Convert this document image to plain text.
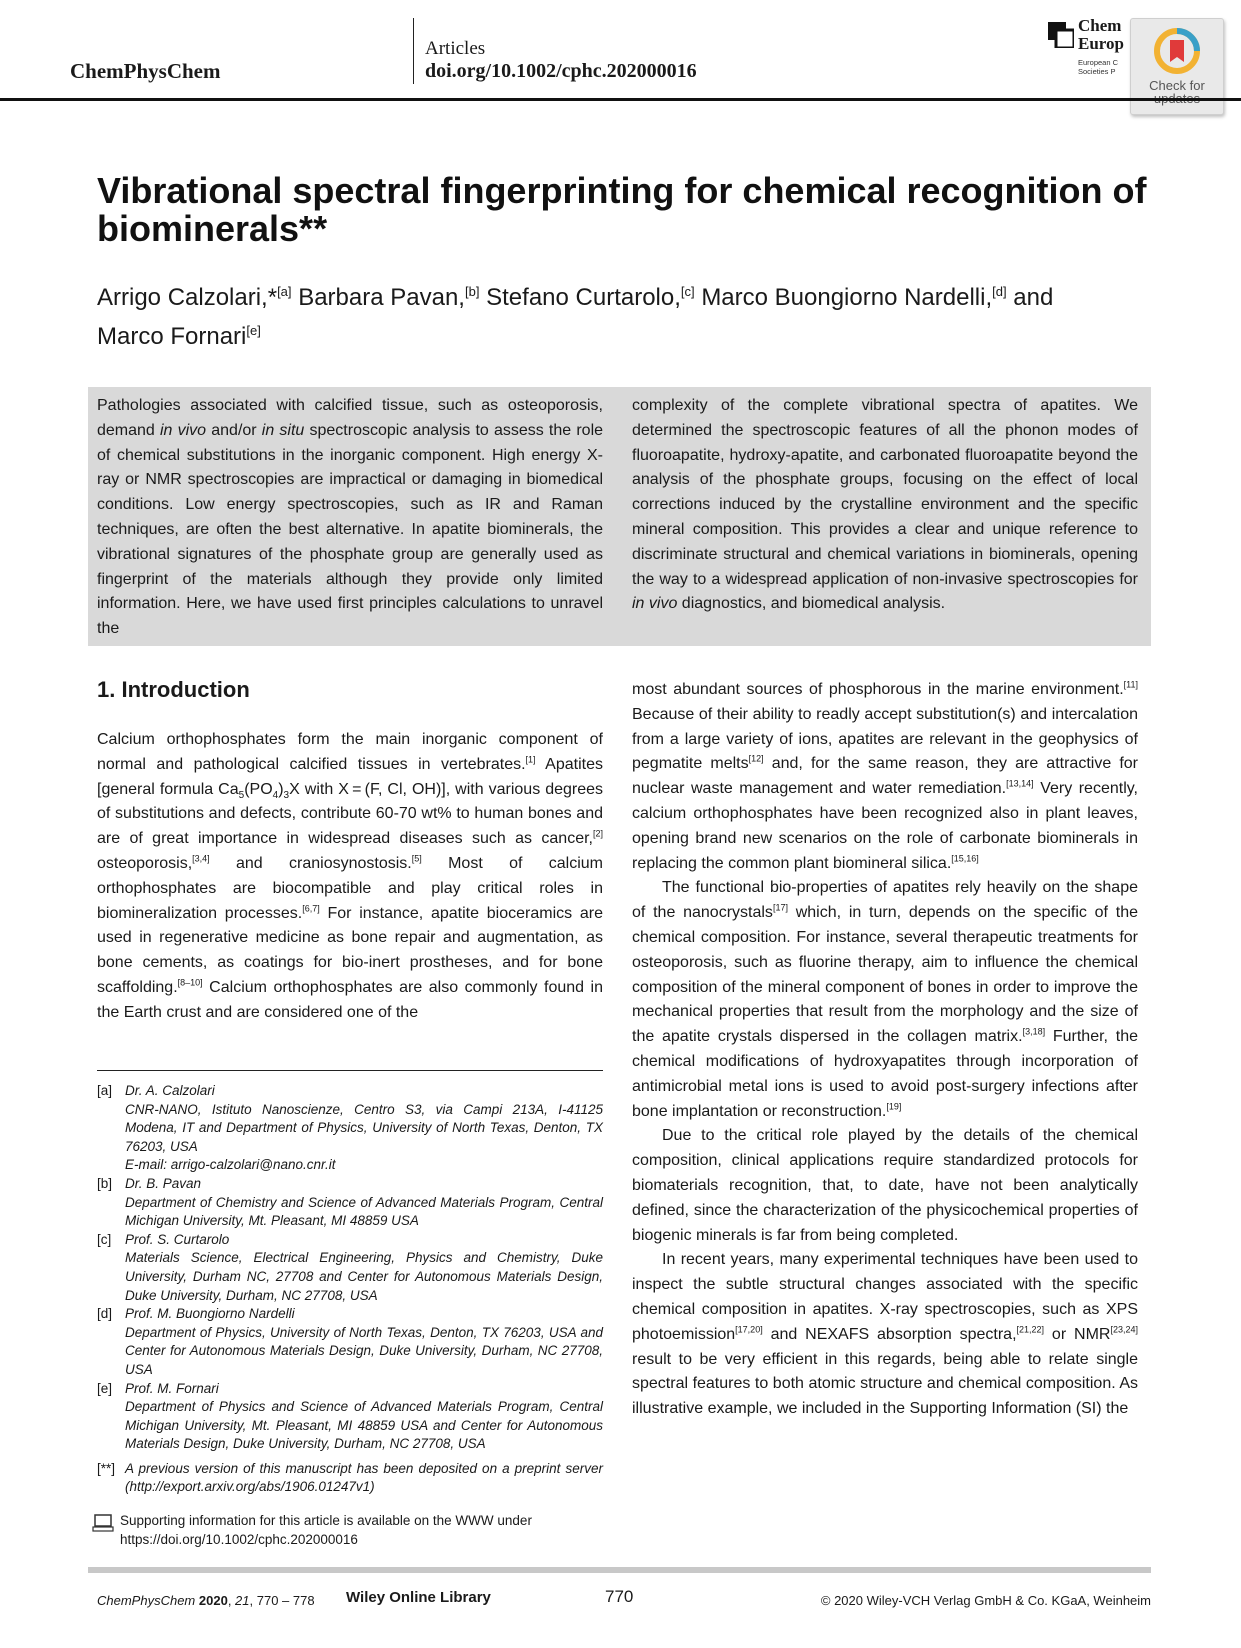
ChemPhysChem
Articles
doi.org/10.1002/cphc.202000016
Chem
Europ
European C
Societies P
Check for
Vibrational spectral fingerprinting for chemical recognition of biominerals**
Arrigo Calzolari,*[a] Barbara Pavan,[b] Stefano Curtarolo,[c] Marco Buongiorno Nardelli,[d] and
Marco Fornari[e]
Pathologies associated with calcified tissue, such as osteoporosis, demand in vivo and/or in situ spectroscopic analysis to assess the role of chemical substitutions in the inorganic component. High energy X-ray or NMR spectroscopies are impractical or damaging in biomedical conditions. Low energy spectroscopies, such as IR and Raman techniques, are often the best alternative. In apatite biominerals, the vibrational signatures of the phosphate group are generally used as fingerprint of the materials although they provide only limited information. Here, we have used first principles calculations to unravel the
complexity of the complete vibrational spectra of apatites. We determined the spectroscopic features of all the phonon modes of fluoroapatite, hydroxy-apatite, and carbonated fluoroapatite beyond the analysis of the phosphate groups, focusing on the effect of local corrections induced by the crystalline environment and the specific mineral composition. This provides a clear and unique reference to discriminate structural and chemical variations in biominerals, opening the way to a widespread application of non-invasive spectroscopies for in vivo diagnostics, and biomedical analysis.
1. Introduction

Calcium orthophosphates form the main inorganic component of normal and pathological calcified tissues in vertebrates.[1] Apatites [general formula $Ca_5(PO_4)_3X$ with X = (F, Cl, OH)], with various degrees of substitutions and defects, contribute 60-70 wt% to human bones and are of great importance in widespread diseases such as cancer,[2] osteoporosis,[3,4] and craniosynostosis.[5] Most of calcium orthophosphates are biocompatible and play critical roles in biomineralization processes.[6,7] For instance, apatite bioceramics are used in regenerative medicine as bone repair and augmentation, as bone cements, as coatings for bio-inert prostheses, and for bone scaffolding.[8–10] Calcium orthophosphates are also commonly found in the Earth crust and are considered one of the

most abundant sources of phosphorous in the marine environment.[11] Because of their ability to readly accept substitution(s) and intercalation from a large variety of ions, apatites are relevant in the geophysics of pegmatite melts[12] and, for the same reason, they are attractive for nuclear waste management and water remediation.[13,14] Very recently, calcium orthophosphates have been recognized also in plant leaves, opening brand new scenarios on the role of carbonate biominerals in replacing the common plant biomineral silica.[15,16]

The functional bio-properties of apatites rely heavily on the shape of the nanocrystals[17] which, in turn, depends on the specific of the chemical composition. For instance, several therapeutic treatments for osteoporosis, such as fluorine therapy, aim to influence the chemical composition of the mineral component of bones in order to improve the mechanical properties that result from the morphology and the size of the apatite crystals dispersed in the collagen matrix.[3,18] Further, the chemical modifications of hydroxyapatites through incorporation of antimicrobial metal ions is used to avoid post-surgery infections after bone implantation or reconstruction.[19]

Due to the critical role played by the details of the chemical composition, clinical applications require standardized protocols for biomaterials recognition, that, to date, have not been analytically defined, since the characterization of the physicochemical properties of biogenic minerals is far from being completed.

In recent years, many experimental techniques have been used to inspect the subtle structural changes associated with the specific chemical composition in apatites. X-ray spectroscopies, such as XPS photoemission[17,20] and NEXAFS absorption spectra,[21,22] or NMR[23,24] result to be very efficient in this regards, being able to relate single spectral features to both atomic structure and chemical composition. As illustrative example, we included in the Supporting Information (SI) the

[a] Dr. A. Calzolari
CNR-NANO, Istituto Nanoscienze, Centro S3, via Campi 213A, I-41125 Modena, IT and Department of Physics, University of North Texas, Denton, TX 76203, USA
E-mail: arrigo-calzolari@nano.cnr.it
[b] Dr. B. Pavan
Department of Chemistry and Science of Advanced Materials Program, Central Michigan University, Mt. Pleasant, MI 48859 USA
[c] Prof. S. Curtarolo
Materials Science, Electrical Engineering, Physics and Chemistry, Duke University, Durham NC, 27708 and Center for Autonomous Materials Design, Duke University, Durham, NC 27708, USA
[d] Prof. M. Buongiorno Nardelli
Department of Physics, University of North Texas, Denton, TX 76203, USA and Center for Autonomous Materials Design, Duke University, Durham, NC 27708, USA
[e] Prof. M. Fornari
Department of Physics and Science of Advanced Materials Program, Central Michigan University, Mt. Pleasant, MI 48859 USA and Center for Autonomous Materials Design, Duke University, Durham, NC 27708, USA
[**] A previous version of this manuscript has been deposited on a preprint server (http://export.arxiv.org/abs/1906.01247v1)
Supporting information for this article is available on the WWW under https://doi.org/10.1002/cphc.202000016
ChemPhysChem 2020, 21, 770 – 778 Wiley Online Library	770	© 2020 Wiley-VCH Verlag GmbH & Co. KGaA, Weinheim
